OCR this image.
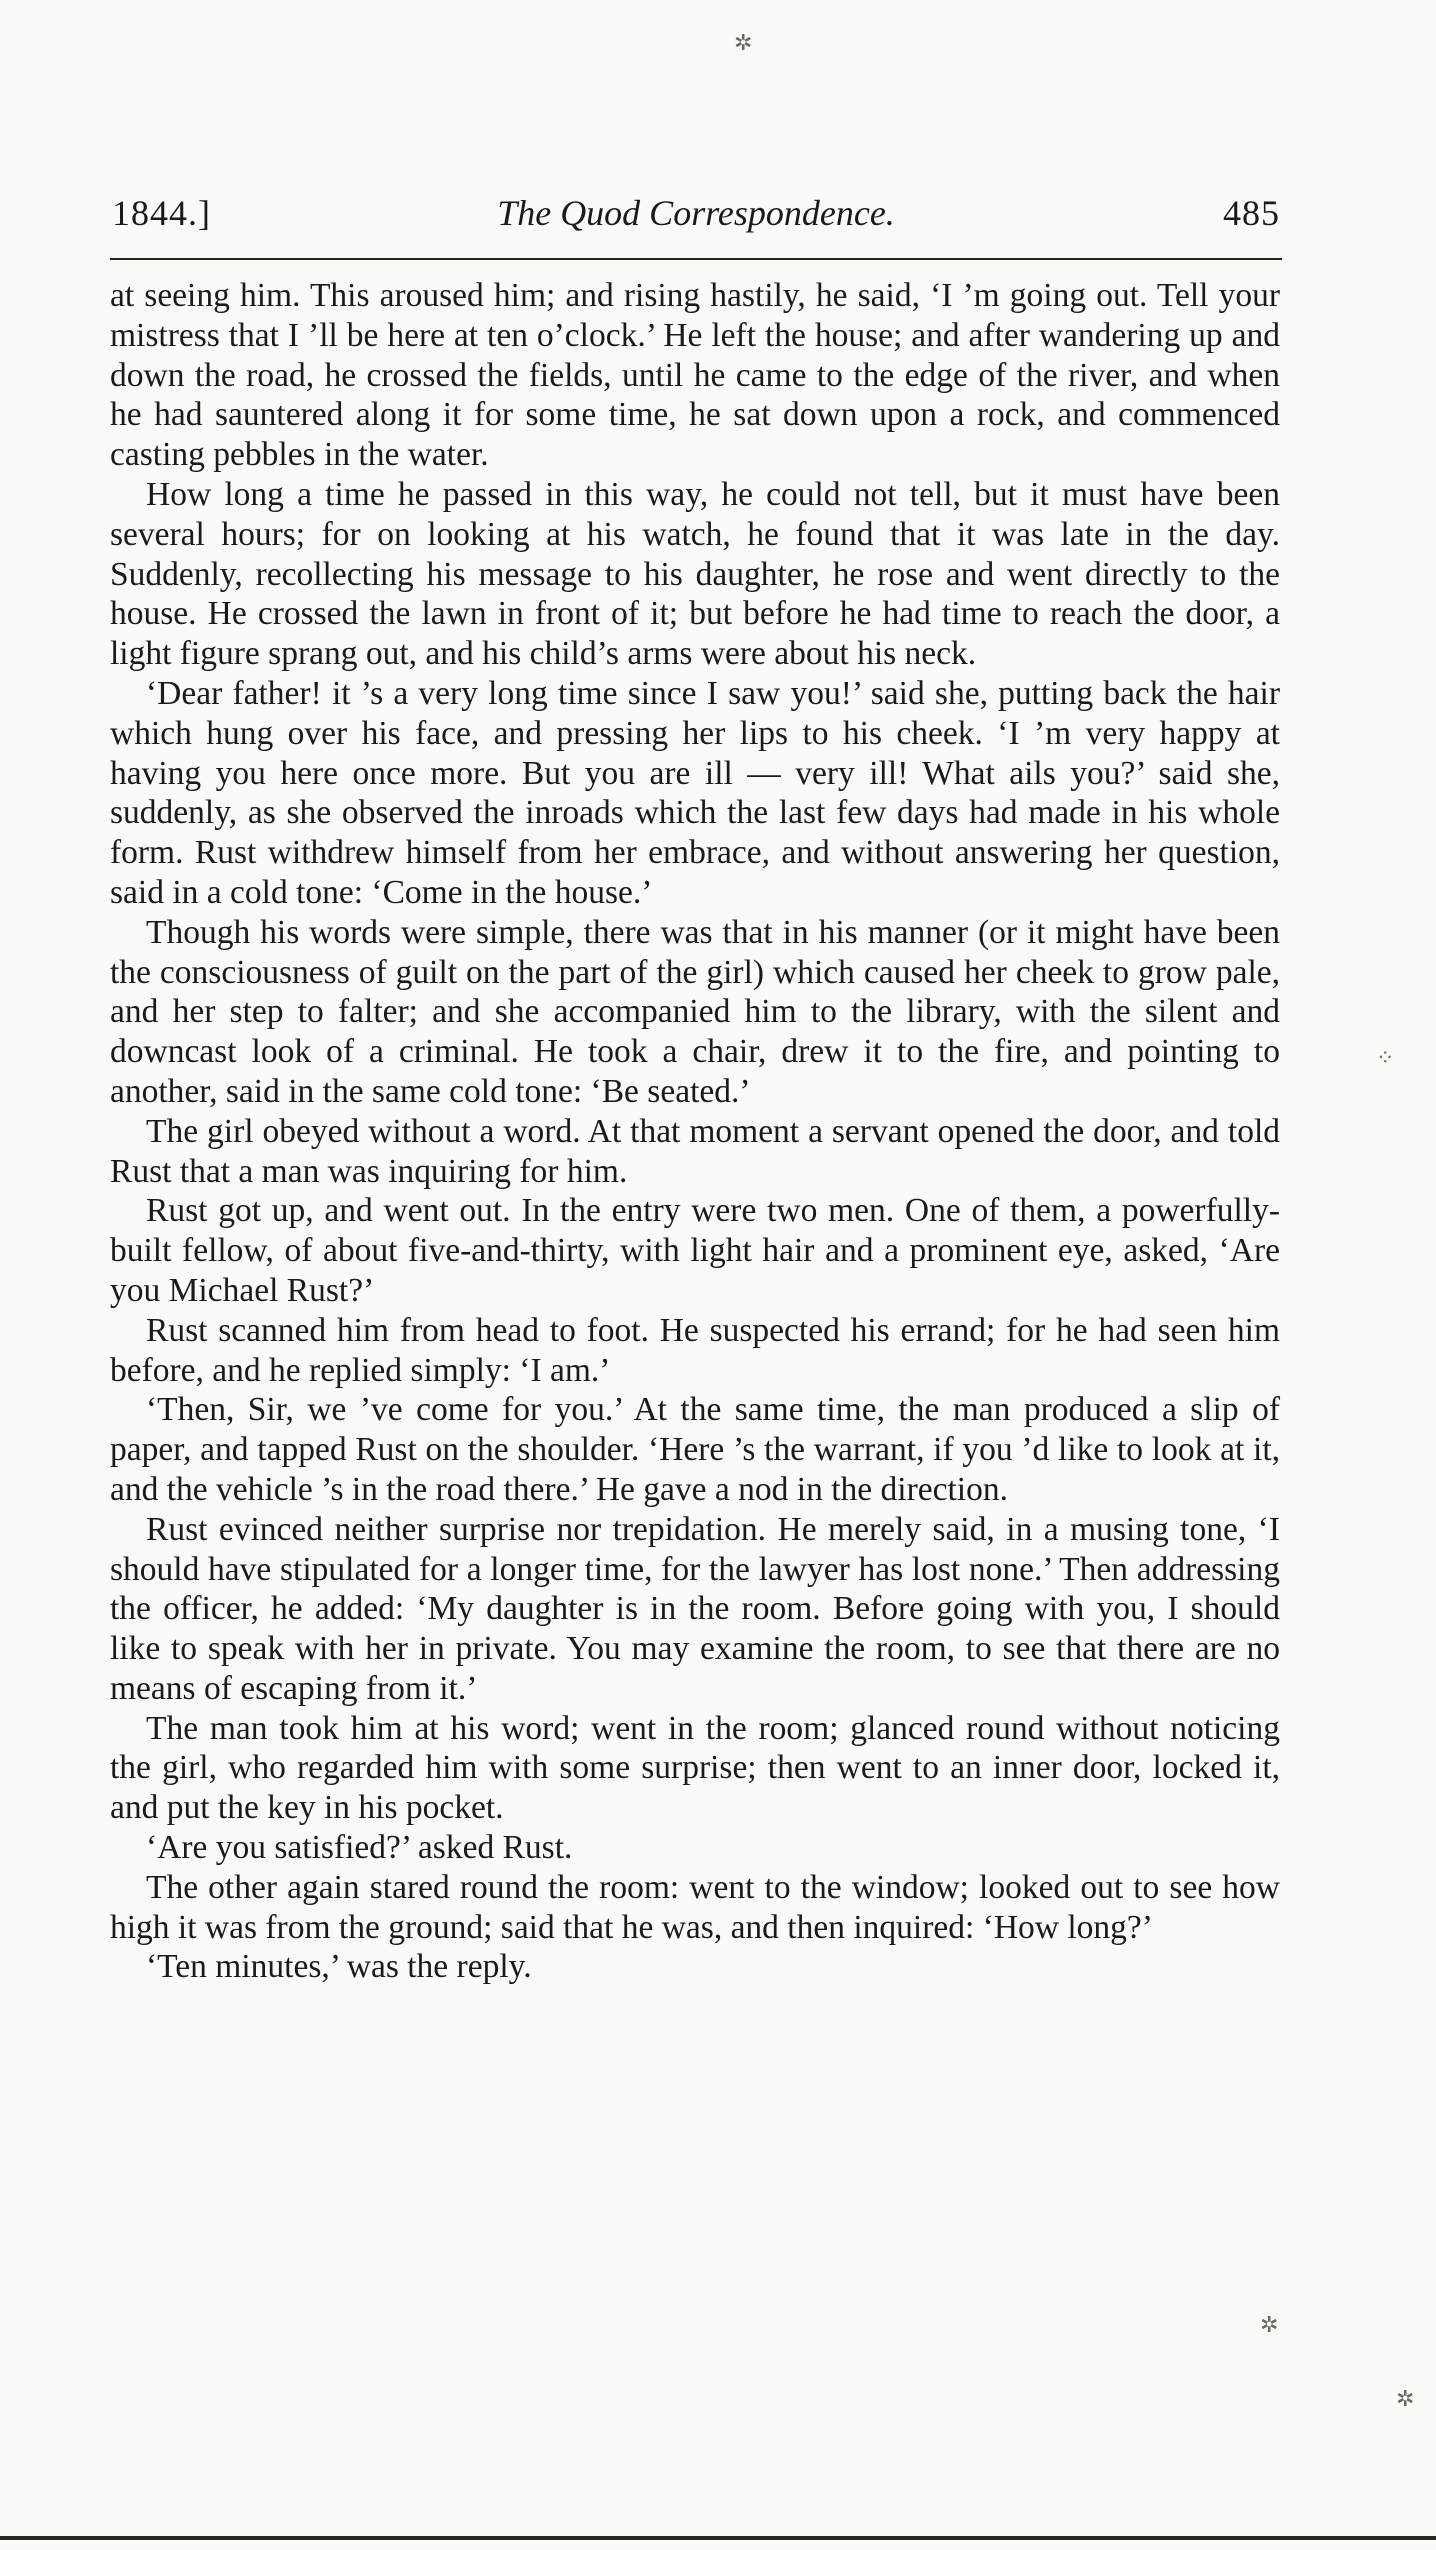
✲
1844.]	The Quod Correspondence.	485

at seeing him. This aroused him; and rising hastily, he said, ‘I ’m going out. Tell your mistress that I ’ll be here at ten o’clock.’ He left the house; and after wandering up and down the road, he crossed the fields, until he came to the edge of the river, and when he had sauntered along it for some time, he sat down upon a rock, and commenced casting pebbles in the water.

How long a time he passed in this way, he could not tell, but it must have been several hours; for on looking at his watch, he found that it was late in the day. Suddenly, recollecting his message to his daughter, he rose and went directly to the house. He crossed the lawn in front of it; but before he had time to reach the door, a light figure sprang out, and his child’s arms were about his neck.

‘Dear father! it ’s a very long time since I saw you!’ said she, putting back the hair which hung over his face, and pressing her lips to his cheek. ‘I ’m very happy at having you here once more. But you are ill — very ill! What ails you?’ said she, suddenly, as she observed the inroads which the last few days had made in his whole form. Rust withdrew himself from her embrace, and without answering her question, said in a cold tone: ‘Come in the house.’

Though his words were simple, there was that in his manner (or it might have been the consciousness of guilt on the part of the girl) which caused her cheek to grow pale, and her step to falter; and she accompanied him to the library, with the silent and downcast look of a criminal. He took a chair, drew it to the fire, and pointing to another, said in the same cold tone: ‘Be seated.’

The girl obeyed without a word. At that moment a servant opened the door, and told Rust that a man was inquiring for him.

Rust got up, and went out. In the entry were two men. One of them, a powerfully-built fellow, of about five-and-thirty, with light hair and a prominent eye, asked, ‘Are you Michael Rust?’

Rust scanned him from head to foot. He suspected his errand; for he had seen him before, and he replied simply: ‘I am.’

‘Then, Sir, we ’ve come for you.’ At the same time, the man produced a slip of paper, and tapped Rust on the shoulder. ‘Here ’s the warrant, if you ’d like to look at it, and the vehicle ’s in the road there.’ He gave a nod in the direction.

Rust evinced neither surprise nor trepidation. He merely said, in a musing tone, ‘I should have stipulated for a longer time, for the lawyer has lost none.’ Then addressing the officer, he added: ‘My daughter is in the room. Before going with you, I should like to speak with her in private. You may examine the room, to see that there are no means of escaping from it.’

The man took him at his word; went in the room; glanced round without noticing the girl, who regarded him with some surprise; then went to an inner door, locked it, and put the key in his pocket.

‘Are you satisfied?’ asked Rust.

The other again stared round the room: went to the window; looked out to see how high it was from the ground; said that he was, and then inquired: ‘How long?’

‘Ten minutes,’ was the reply.

⁘
✲
✲
